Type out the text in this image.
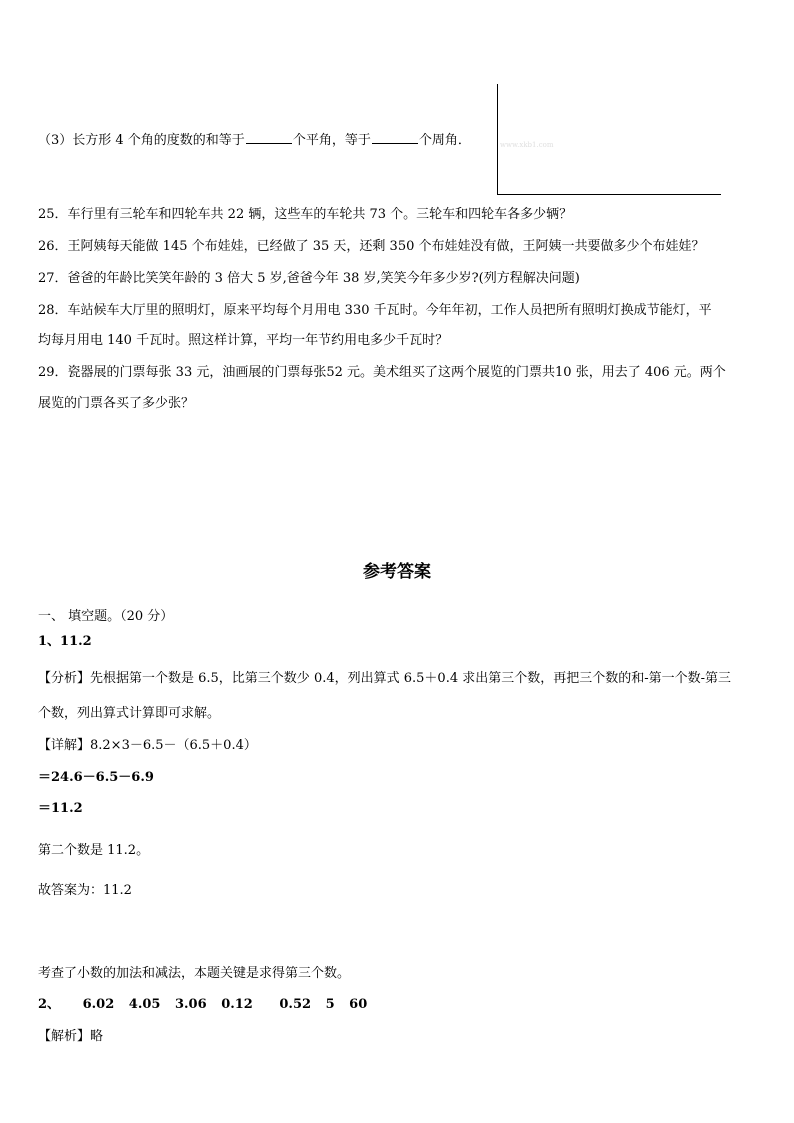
（3）长方形 4 个角的度数的和等于	个平角，等于	个周角．	www.xkb1.com
25．车行里有三轮车和四轮车共 22 辆，这些车的车轮共 73 个。三轮车和四轮车各多少辆？
26．王阿姨每天能做 145 个布娃娃，已经做了 35 天，还剩 350 个布娃娃没有做，王阿姨一共要做多少个布娃娃？
27．爸爸的年龄比笑笑年龄的 3 倍大 5 岁,爸爸今年 38 岁,笑笑今年多少岁?(列方程解决问题)
28．车站候车大厅里的照明灯，原来平均每个月用电 330 千瓦时。今年年初，工作人员把所有照明灯换成节能灯，平
均每月用电 140 千瓦时。照这样计算，平均一年节约用电多少千瓦时？
29．瓷器展的门票每张 33 元，油画展的门票每张52 元。美术组买了这两个展览的门票共10 张，用去了 406 元。两个
展览的门票各买了多少张？
参考答案
一、 填空题。（20 分）
1、11.2
【分析】先根据第一个数是 6.5，比第三个数少 0.4，列出算式 6.5＋0.4 求出第三个数，再把三个数的和-第一个数-第三
个数，列出算式计算即可求解。
【详解】8.2×3－6.5－（6.5＋0.4）
＝24.6－6.5－6.9
＝11.2
第二个数是 11.2。
故答案为：11.2
考查了小数的加法和减法，本题关键是求得第三个数。
2、 6.02 4.05 3.06 0.12 0.52 5 60
【解析】略
